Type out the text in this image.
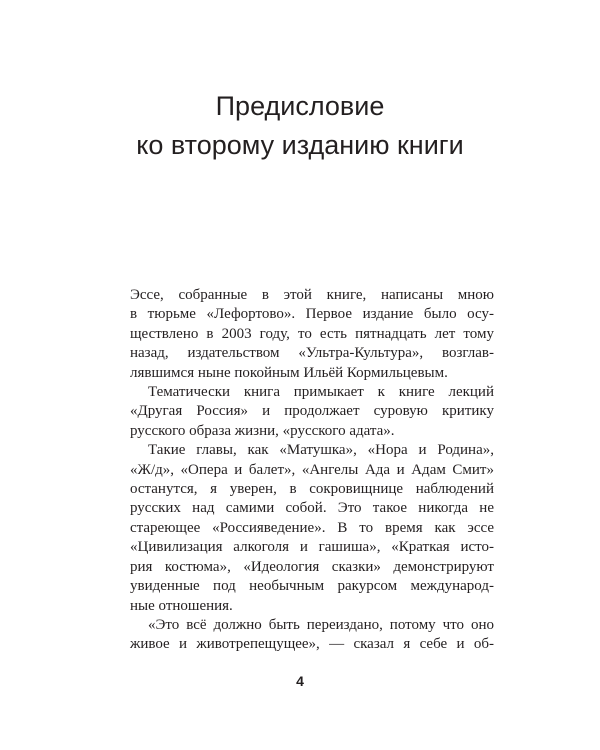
Предисловие
ко второму изданию книги
Эссе, собранные в этой книге, написаны мною
в тюрьме «Лефортово». Первое издание было осу-
ществлено в 2003 году, то есть пятнадцать лет тому
назад, издательством «Ультра-Культура», возглав-
лявшимся ныне покойным Ильёй Кормильцевым.
Тематически книга примыкает к книге лекций
«Другая Россия» и продолжает суровую критику
русского образа жизни, «русского адата».
Такие главы, как «Матушка», «Нора и Родина»,
«Ж/д», «Опера и балет», «Ангелы Ада и Адам Смит»
останутся, я уверен, в сокровищнице наблюдений
русских над самими собой. Это такое никогда не
стареющее «Россияведение». В то время как эссе
«Цивилизация алкоголя и гашиша», «Краткая исто-
рия костюма», «Идеология сказки» демонстрируют
увиденные под необычным ракурсом международ-
ные отношения.
«Это всё должно быть переиздано, потому что оно
живое и животрепещущее», — сказал я себе и об-
4
